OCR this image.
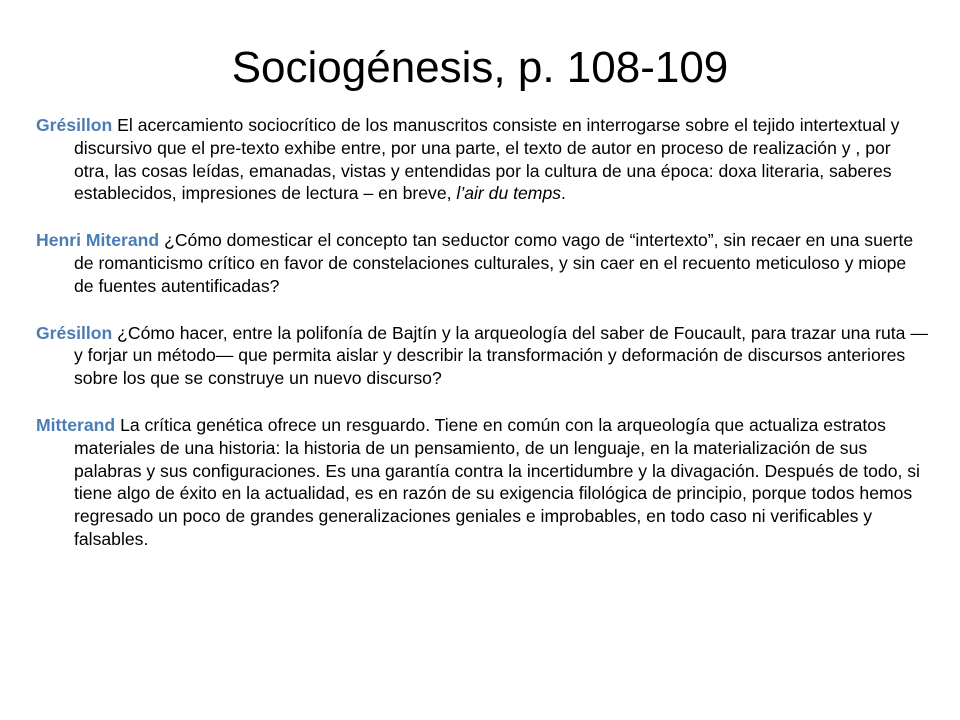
Sociogénesis, p. 108-109

Grésillon El acercamiento sociocrítico de los manuscritos consiste en interrogarse sobre el tejido intertextual y discursivo que el pre-texto exhibe entre, por una parte, el texto de autor en proceso de realización y , por otra, las cosas leídas, emanadas, vistas y entendidas por la cultura de una época: doxa literaria, saberes establecidos, impresiones de lectura – en breve, l’air du temps.

Henri Miterand ¿Cómo domesticar el concepto tan seductor como vago de “intertexto”, sin recaer en una suerte de romanticismo crítico en favor de constelaciones culturales, y sin caer en el recuento meticuloso y miope de fuentes autentificadas?

Grésillon ¿Cómo hacer, entre la polifonía de Bajtín y la arqueología del saber de Foucault, para trazar una ruta —y forjar un método— que permita aislar y describir la transformación y deformación de discursos anteriores sobre los que se construye un nuevo discurso?

Mitterand La crítica genética ofrece un resguardo. Tiene en común con la arqueología que actualiza estratos materiales de una historia: la historia de un pensamiento, de un lenguaje, en la materialización de sus palabras y sus configuraciones. Es una garantía contra la incertidumbre y la divagación. Después de todo, si tiene algo de éxito en la actualidad, es en razón de su exigencia filológica de principio, porque todos hemos regresado un poco de grandes generalizaciones geniales e improbables, en todo caso ni verificables y falsables.
